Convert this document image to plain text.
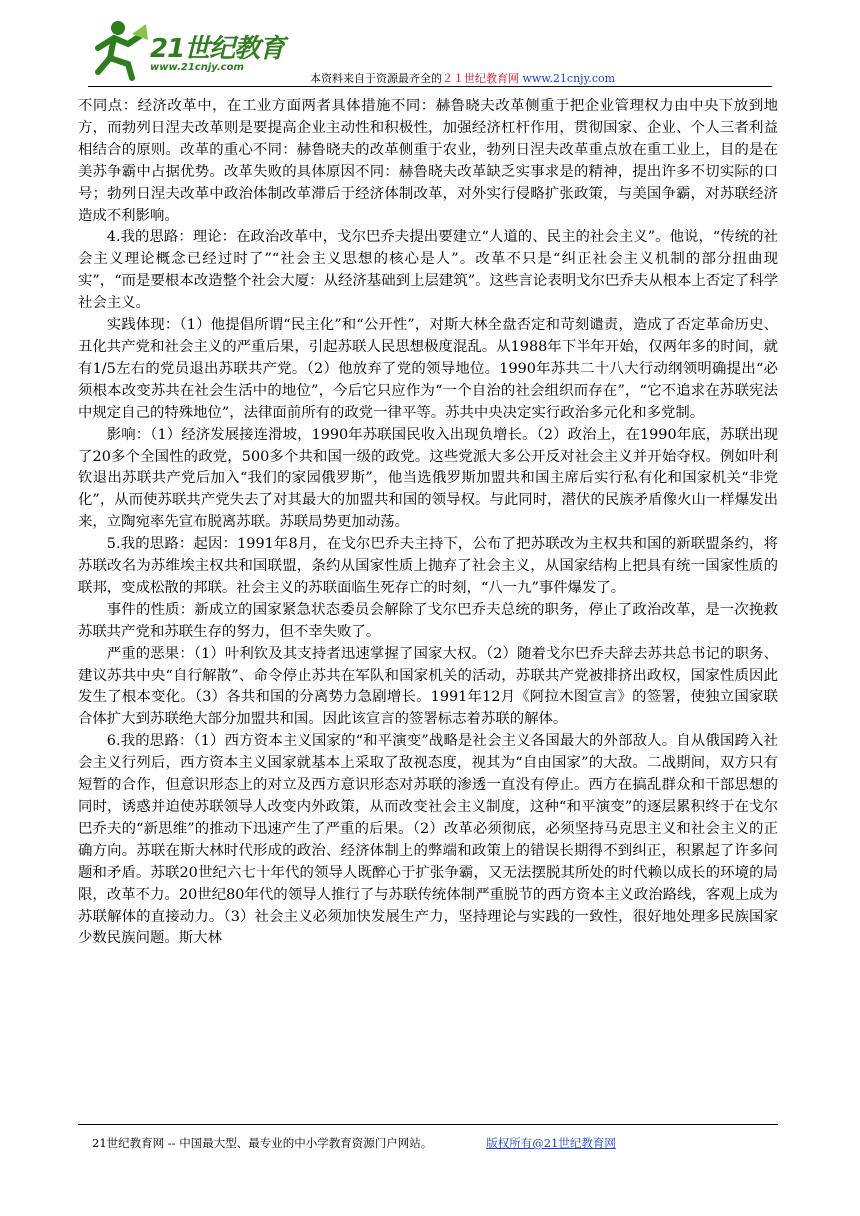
21世纪教育
www.21cnjy.com
本资料来自于资源最齐全的２１世纪教育网 www.21cnjy.com

不同点：经济改革中，在工业方面两者具体措施不同：赫鲁晓夫改革侧重于把企业管理权力由中央下放到地方，而勃列日涅夫改革则是要提高企业主动性和积极性，加强经济杠杆作用，贯彻国家、企业、个人三者利益相结合的原则。改革的重心不同：赫鲁晓夫的改革侧重于农业，勃列日涅夫改革重点放在重工业上，目的是在美苏争霸中占据优势。改革失败的具体原因不同：赫鲁晓夫改革缺乏实事求是的精神，提出许多不切实际的口号；勃列日涅夫改革中政治体制改革滞后于经济体制改革，对外实行侵略扩张政策，与美国争霸，对苏联经济造成不利影响。

4.我的思路：理论：在政治改革中，戈尔巴乔夫提出要建立“人道的、民主的社会主义”。他说，“传统的社会主义理论概念已经过时了”“社会主义思想的核心是人”。改革不只是“纠正社会主义机制的部分扭曲现实”，“而是要根本改造整个社会大厦：从经济基础到上层建筑”。这些言论表明戈尔巴乔夫从根本上否定了科学社会主义。

实践体现：（1）他提倡所谓“民主化”和“公开性”，对斯大林全盘否定和苛刻谴责，造成了否定革命历史、丑化共产党和社会主义的严重后果，引起苏联人民思想极度混乱。从1988年下半年开始，仅两年多的时间，就有1/5左右的党员退出苏联共产党。（2）他放弃了党的领导地位。1990年苏共二十八大行动纲领明确提出“必须根本改变苏共在社会生活中的地位”，今后它只应作为“一个自治的社会组织而存在”，“它不追求在苏联宪法中规定自己的特殊地位”，法律面前所有的政党一律平等。苏共中央决定实行政治多元化和多党制。

影响：（1）经济发展接连滑坡，1990年苏联国民收入出现负增长。（2）政治上，在1990年底，苏联出现了20多个全国性的政党，500多个共和国一级的政党。这些党派大多公开反对社会主义并开始夺权。例如叶利钦退出苏联共产党后加入“我们的家园俄罗斯”，他当选俄罗斯加盟共和国主席后实行私有化和国家机关“非党化”，从而使苏联共产党失去了对其最大的加盟共和国的领导权。与此同时，潜伏的民族矛盾像火山一样爆发出来，立陶宛率先宣布脱离苏联。苏联局势更加动荡。

5.我的思路：起因：1991年8月，在戈尔巴乔夫主持下，公布了把苏联改为主权共和国的新联盟条约，将苏联改名为苏维埃主权共和国联盟，条约从国家性质上抛弃了社会主义，从国家结构上把具有统一国家性质的联邦，变成松散的邦联。社会主义的苏联面临生死存亡的时刻，“八一九”事件爆发了。

事件的性质：新成立的国家紧急状态委员会解除了戈尔巴乔夫总统的职务，停止了政治改革，是一次挽救苏联共产党和苏联生存的努力，但不幸失败了。

严重的恶果：（1）叶利钦及其支持者迅速掌握了国家大权。（2）随着戈尔巴乔夫辞去苏共总书记的职务、建议苏共中央“自行解散”、命令停止苏共在军队和国家机关的活动，苏联共产党被排挤出政权，国家性质因此发生了根本变化。（3）各共和国的分离势力急剧增长。1991年12月《阿拉木图宣言》的签署，使独立国家联合体扩大到苏联绝大部分加盟共和国。因此该宣言的签署标志着苏联的解体。

6.我的思路：（1）西方资本主义国家的“和平演变”战略是社会主义各国最大的外部敌人。自从俄国跨入社会主义行列后，西方资本主义国家就基本上采取了敌视态度，视其为“自由国家”的大敌。二战期间，双方只有短暂的合作，但意识形态上的对立及西方意识形态对苏联的渗透一直没有停止。西方在搞乱群众和干部思想的同时，诱惑并迫使苏联领导人改变内外政策，从而改变社会主义制度，这种“和平演变”的逐层累积终于在戈尔巴乔夫的“新思维”的推动下迅速产生了严重的后果。（2）改革必须彻底，必须坚持马克思主义和社会主义的正确方向。苏联在斯大林时代形成的政治、经济体制上的弊端和政策上的错误长期得不到纠正，积累起了许多问题和矛盾。苏联20世纪六七十年代的领导人既醉心于扩张争霸，又无法摆脱其所处的时代赖以成长的环境的局限，改革不力。20世纪80年代的领导人推行了与苏联传统体制严重脱节的西方资本主义政治路线，客观上成为苏联解体的直接动力。（3）社会主义必须加快发展生产力，坚持理论与实践的一致性，很好地处理多民族国家少数民族问题。斯大林

21世纪教育网 -- 中国最大型、最专业的中小学教育资源门户网站。	版权所有@21世纪教育网
